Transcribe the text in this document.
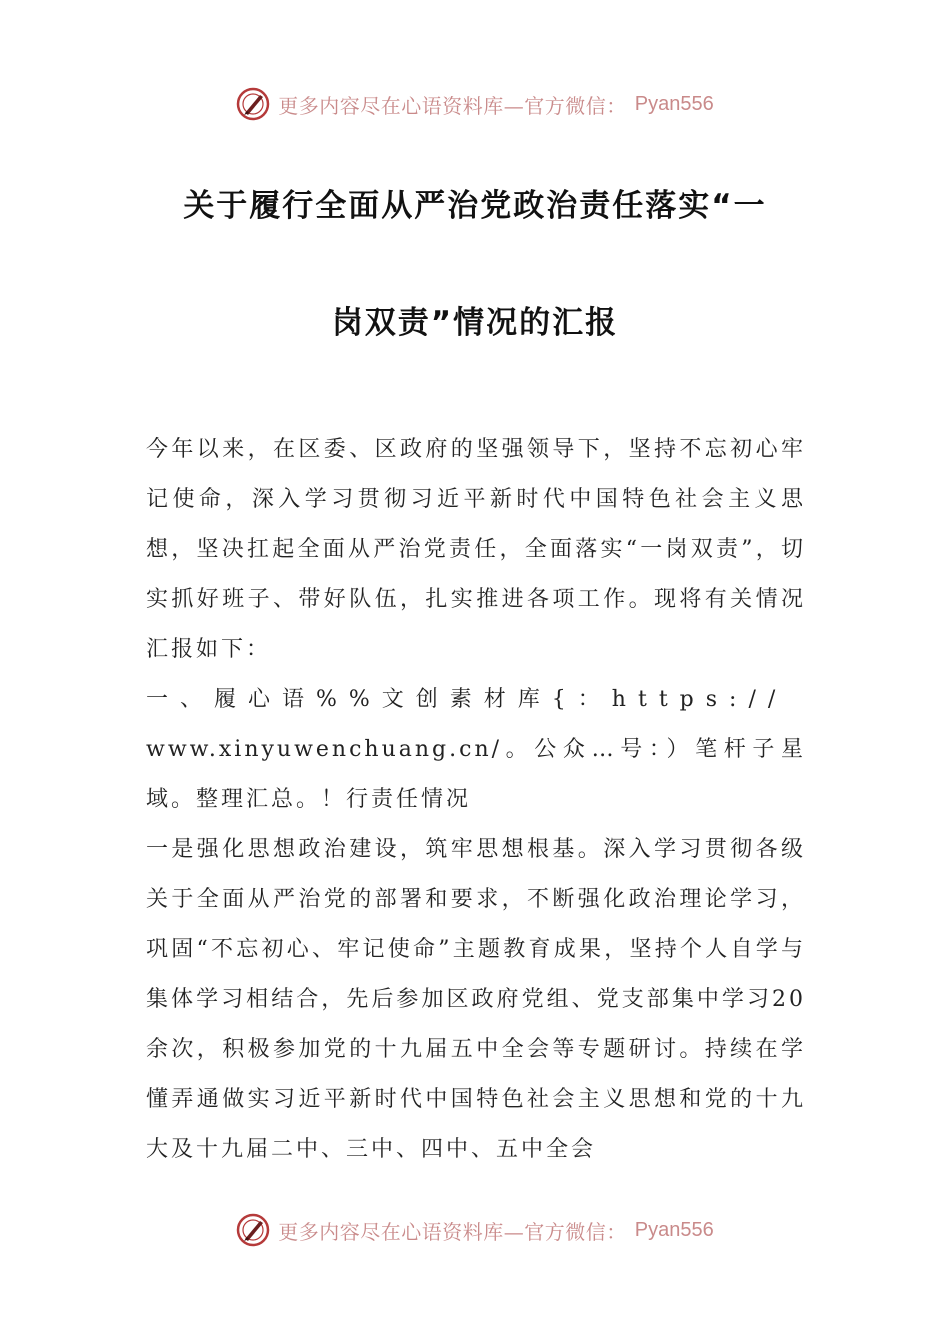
更多内容尽在心语资料库—官方微信： Pyan556
关于履行全面从严治党政治责任落实“一
岗双责”情况的汇报

今年以来，在区委、区政府的坚强领导下，坚持不忘初心牢记使命，深入学习贯彻习近平新时代中国特色社会主义思想，坚决扛起全面从严治党责任，全面落实“一岗双责”，切实抓好班子、带好队伍，扎实推进各项工作。现将有关情况汇报如下：

一、履心语%%文创素材库{：https://

www.xinyuwenchuang.cn/。公众…号：）笔杆子星域。整理汇总。！行责任情况

一是强化思想政治建设，筑牢思想根基。深入学习贯彻各级关于全面从严治党的部署和要求，不断强化政治理论学习，巩固“不忘初心、牢记使命”主题教育成果，坚持个人自学与集体学习相结合，先后参加区政府党组、党支部集中学习20余次，积极参加党的十九届五中全会等专题研讨。持续在学懂弄通做实习近平新时代中国特色社会主义思想和党的十九大及十九届二中、三中、四中、五中全会

更多内容尽在心语资料库—官方微信： Pyan556
